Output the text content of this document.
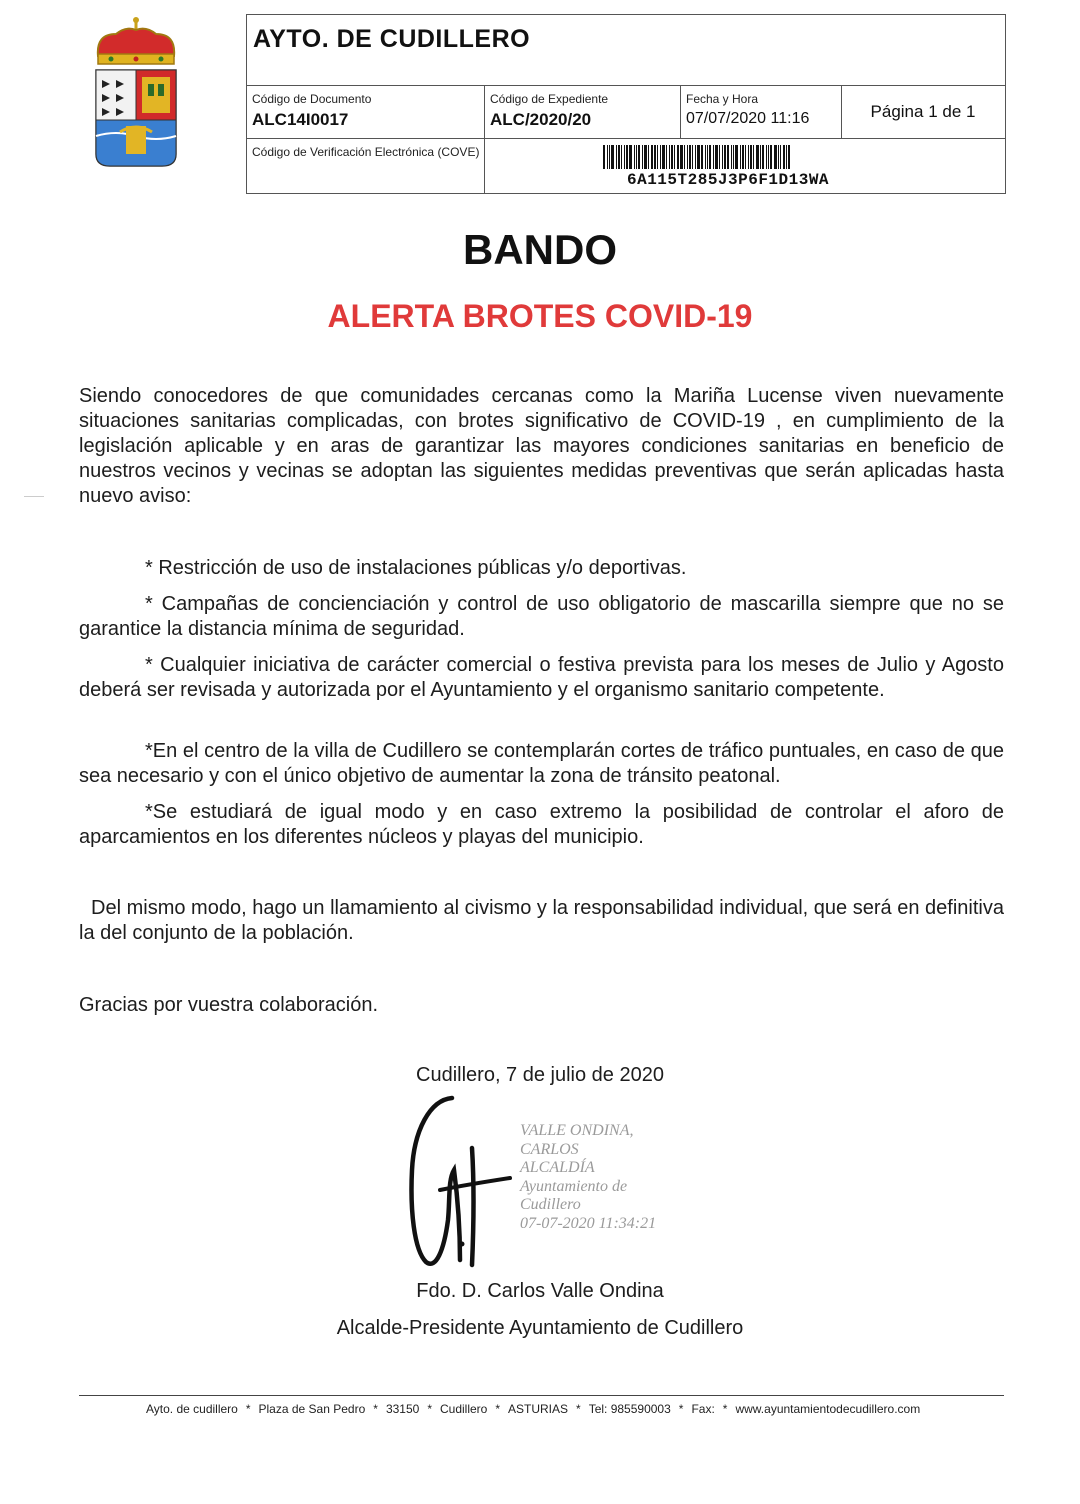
AYTO. DE CUDILLERO
Código de Documento
ALC14I0017
Código de Expediente
ALC/2020/20
Fecha y Hora
07/07/2020 11:16	Página 1 de 1
Código de Verificación Electrónica (COVE)
6A115T285J3P6F1D13WA
BANDO
ALERTA BROTES COVID-19
Siendo conocedores de que comunidades cercanas como la Mariña Lucense viven nuevamente situaciones sanitarias complicadas, con brotes significativo de COVID-19 , en cumplimiento de la legislación aplicable y en aras de garantizar las mayores condiciones sanitarias en beneficio de nuestros vecinos y vecinas se adoptan las siguientes medidas preventivas que serán aplicadas hasta nuevo aviso:
* Restricción de uso de instalaciones públicas y/o deportivas.
* Campañas de concienciación y control de uso obligatorio de mascarilla siempre que no se garantice la distancia mínima de seguridad.
* Cualquier iniciativa de carácter comercial o festiva prevista para los meses de Julio y Agosto deberá ser revisada y autorizada por el Ayuntamiento y el organismo sanitario competente.
*En el centro de la villa de Cudillero se contemplarán cortes de tráfico puntuales, en caso de que sea necesario y con el único objetivo de aumentar la zona de tránsito peatonal.
*Se estudiará de igual modo y en caso extremo la posibilidad de controlar el aforo de aparcamientos en los diferentes núcleos y playas del municipio.
Del mismo modo, hago un llamamiento al civismo y la responsabilidad individual, que será en definitiva la del conjunto de la población.
Gracias por vuestra colaboración.
Cudillero, 7 de julio de 2020
VALLE ONDINA,
CARLOS
ALCALDÍA
Ayuntamiento de
Cudillero
07-07-2020 11:34:21
Fdo. D. Carlos Valle Ondina
Alcalde-Presidente Ayuntamiento de Cudillero
Ayto. de cudillero * Plaza de San Pedro * 33150 * Cudillero * ASTURIAS * Tel: 985590003 * Fax: * www.ayuntamientodecudillero.com
